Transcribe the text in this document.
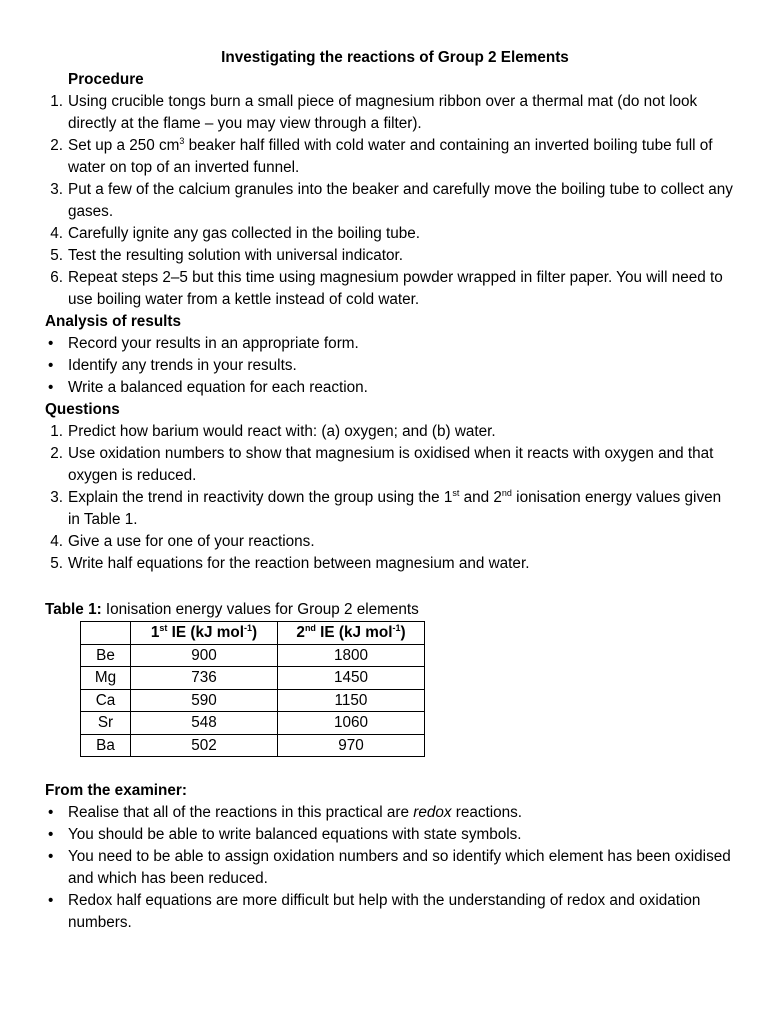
Investigating the reactions of Group 2 Elements
Procedure
1. Using crucible tongs burn a small piece of magnesium ribbon over a thermal mat (do not look directly at the flame – you may view through a filter).
2. Set up a 250 $cm^3$ beaker half filled with cold water and containing an inverted boiling tube full of water on top of an inverted funnel.
3. Put a few of the calcium granules into the beaker and carefully move the boiling tube to collect any gases.
4. Carefully ignite any gas collected in the boiling tube.
5. Test the resulting solution with universal indicator.
6. Repeat steps 2–5 but this time using magnesium powder wrapped in filter paper. You will need to use boiling water from a kettle instead of cold water.
Analysis of results
• Record your results in an appropriate form.
• Identify any trends in your results.
• Write a balanced equation for each reaction.
Questions
1. Predict how barium would react with: (a) oxygen; and (b) water.
2. Use oxidation numbers to show that magnesium is oxidised when it reacts with oxygen and that oxygen is reduced.
3. Explain the trend in reactivity down the group using the 1st and 2nd ionisation energy values given in Table 1.
4. Give a use for one of your reactions.
5. Write half equations for the reaction between magnesium and water.
Table 1: Ionisation energy values for Group 2 elements
	1st IE (kJ mol$^{-1}$)	2nd IE (kJ mol$^{-1}$)
Be	900	1800
Mg	736	1450
Ca	590	1150
Sr	548	1060
Ba	502	970
From the examiner:
• Realise that all of the reactions in this practical are redox reactions.
• You should be able to write balanced equations with state symbols.
• You need to be able to assign oxidation numbers and so identify which element has been oxidised and which has been reduced.
• Redox half equations are more difficult but help with the understanding of redox and oxidation numbers.
